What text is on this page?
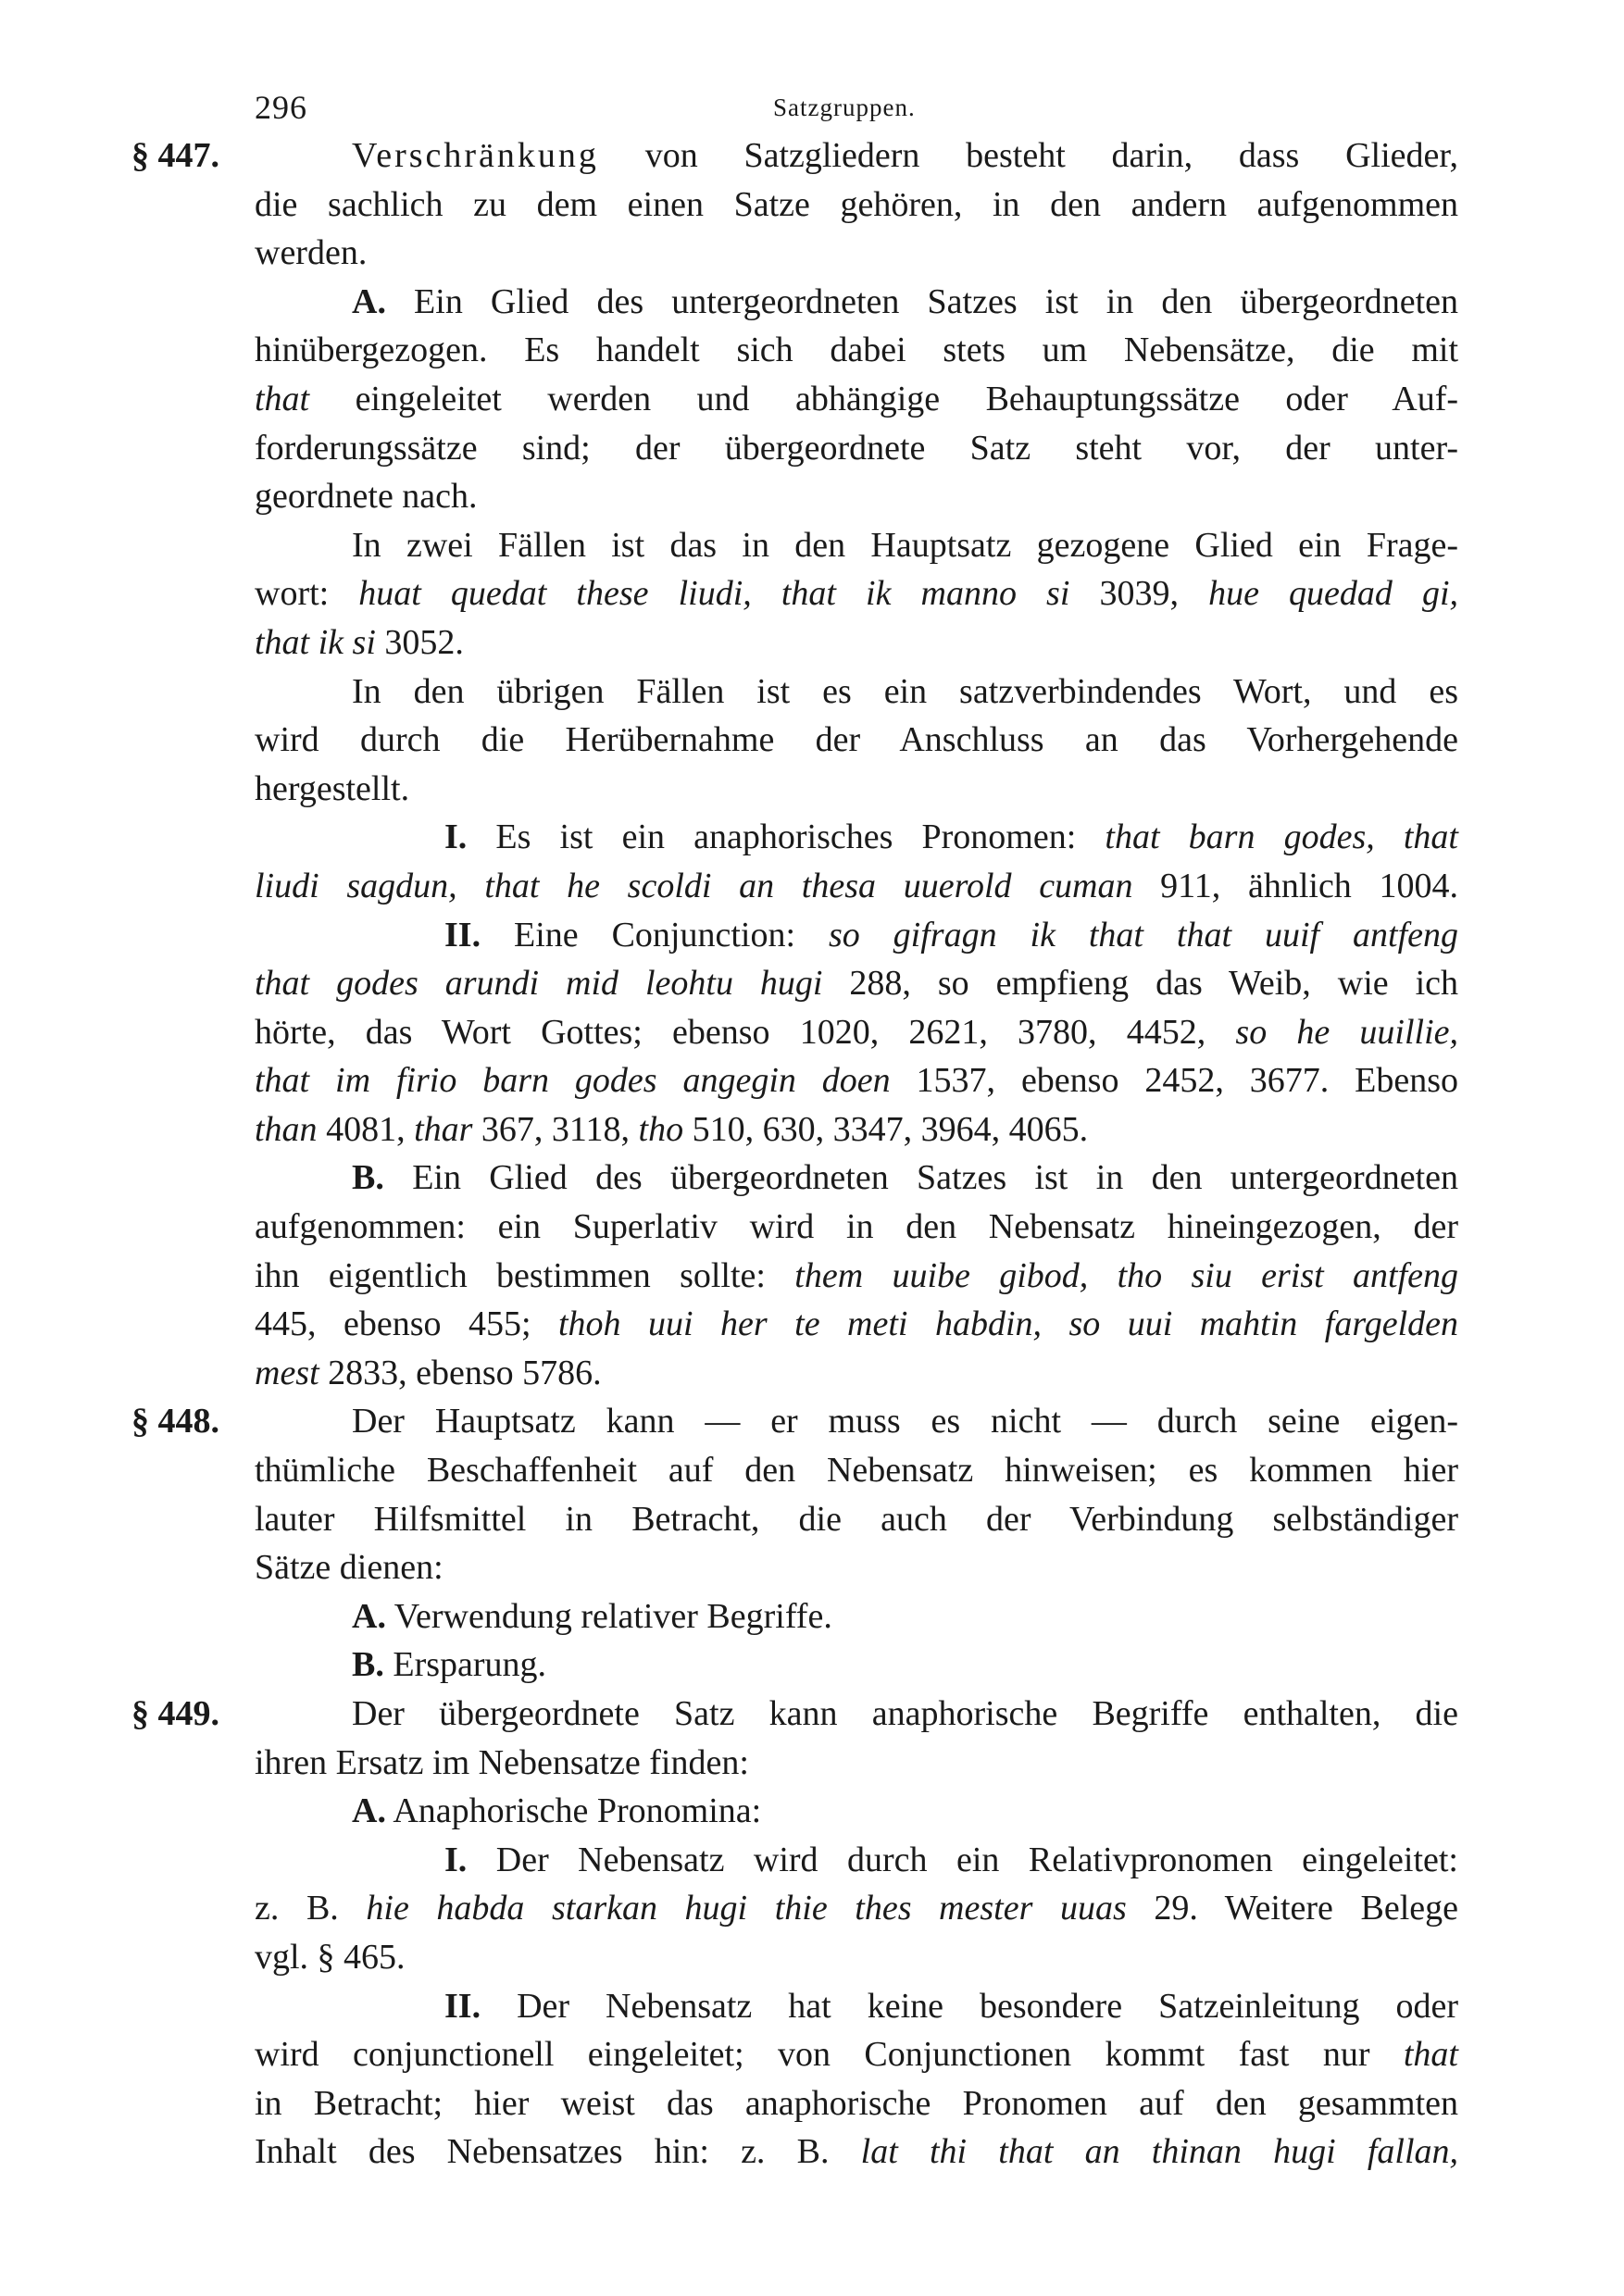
296	Satzgruppen.
§ 447.	Verschränkung von Satzgliedern besteht darin, dass Glieder,
die sachlich zu dem einen Satze gehören, in den andern aufgenommen
werden.
A. Ein Glied des untergeordneten Satzes ist in den übergeordneten
hinübergezogen. Es handelt sich dabei stets um Nebensätze, die mit
that eingeleitet werden und abhängige Behauptungssätze oder Auf-
forderungssätze sind; der übergeordnete Satz steht vor, der unter-
geordnete nach.
In zwei Fällen ist das in den Hauptsatz gezogene Glied ein Frage-
wort: huat quedat these liudi, that ik manno si 3039, hue quedad gi,
that ik si 3052.
In den übrigen Fällen ist es ein satzverbindendes Wort, und es
wird durch die Herübernahme der Anschluss an das Vorhergehende
hergestellt.
I. Es ist ein anaphorisches Pronomen: that barn godes, that
liudi sagdun, that he scoldi an thesa uuerold cuman 911, ähnlich 1004.
II. Eine Conjunction: so gifragn ik that that uuif antfeng
that godes arundi mid leohtu hugi 288, so empfieng das Weib, wie ich
hörte, das Wort Gottes; ebenso 1020, 2621, 3780, 4452, so he uuillie,
that im firio barn godes angegin doen 1537, ebenso 2452, 3677. Ebenso
than 4081, thar 367, 3118, tho 510, 630, 3347, 3964, 4065.
B. Ein Glied des übergeordneten Satzes ist in den untergeordneten
aufgenommen: ein Superlativ wird in den Nebensatz hineingezogen, der
ihn eigentlich bestimmen sollte: them uuibe gibod, tho siu erist antfeng
445, ebenso 455; thoh uui her te meti habdin, so uui mahtin fargelden
mest 2833, ebenso 5786.
§ 448.	Der Hauptsatz kann — er muss es nicht — durch seine eigen-
thümliche Beschaffenheit auf den Nebensatz hinweisen; es kommen hier
lauter Hilfsmittel in Betracht, die auch der Verbindung selbständiger
Sätze dienen:
A. Verwendung relativer Begriffe.
B. Ersparung.
§ 449.	Der übergeordnete Satz kann anaphorische Begriffe enthalten, die
ihren Ersatz im Nebensatze finden:
A. Anaphorische Pronomina:
I. Der Nebensatz wird durch ein Relativpronomen eingeleitet:
z. B. hie habda starkan hugi thie thes mester uuas 29. Weitere Belege
vgl. § 465.
II. Der Nebensatz hat keine besondere Satzeinleitung oder
wird conjunctionell eingeleitet; von Conjunctionen kommt fast nur that
in Betracht; hier weist das anaphorische Pronomen auf den gesammten
Inhalt des Nebensatzes hin: z. B. lat thi that an thinan hugi fallan,
